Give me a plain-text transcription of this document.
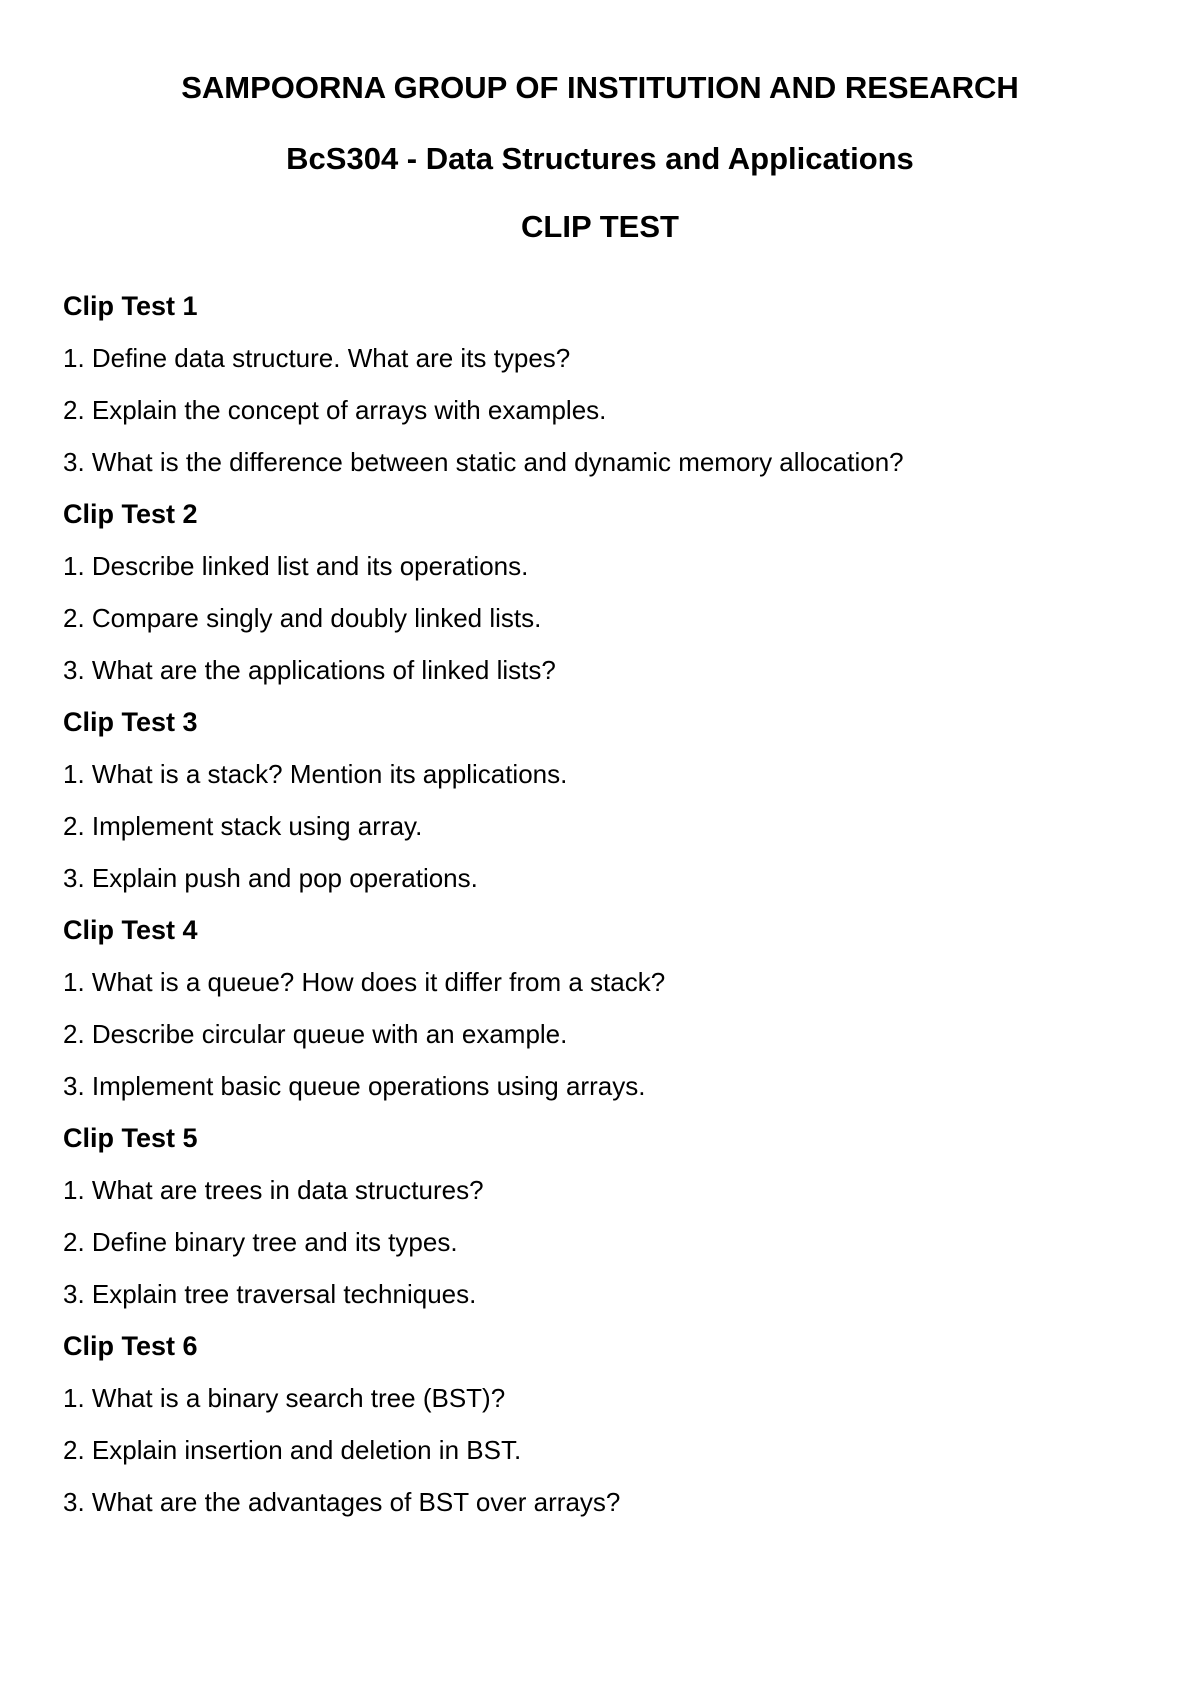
SAMPOORNA GROUP OF INSTITUTION AND RESEARCH
BcS304 - Data Structures and Applications
CLIP TEST
Clip Test 1

1. Define data structure. What are its types?

2. Explain the concept of arrays with examples.

3. What is the difference between static and dynamic memory allocation?

Clip Test 2

1. Describe linked list and its operations.

2. Compare singly and doubly linked lists.

3. What are the applications of linked lists?

Clip Test 3

1. What is a stack? Mention its applications.

2. Implement stack using array.

3. Explain push and pop operations.

Clip Test 4

1. What is a queue? How does it differ from a stack?

2. Describe circular queue with an example.

3. Implement basic queue operations using arrays.

Clip Test 5

1. What are trees in data structures?

2. Define binary tree and its types.

3. Explain tree traversal techniques.

Clip Test 6

1. What is a binary search tree (BST)?

2. Explain insertion and deletion in BST.

3. What are the advantages of BST over arrays?
